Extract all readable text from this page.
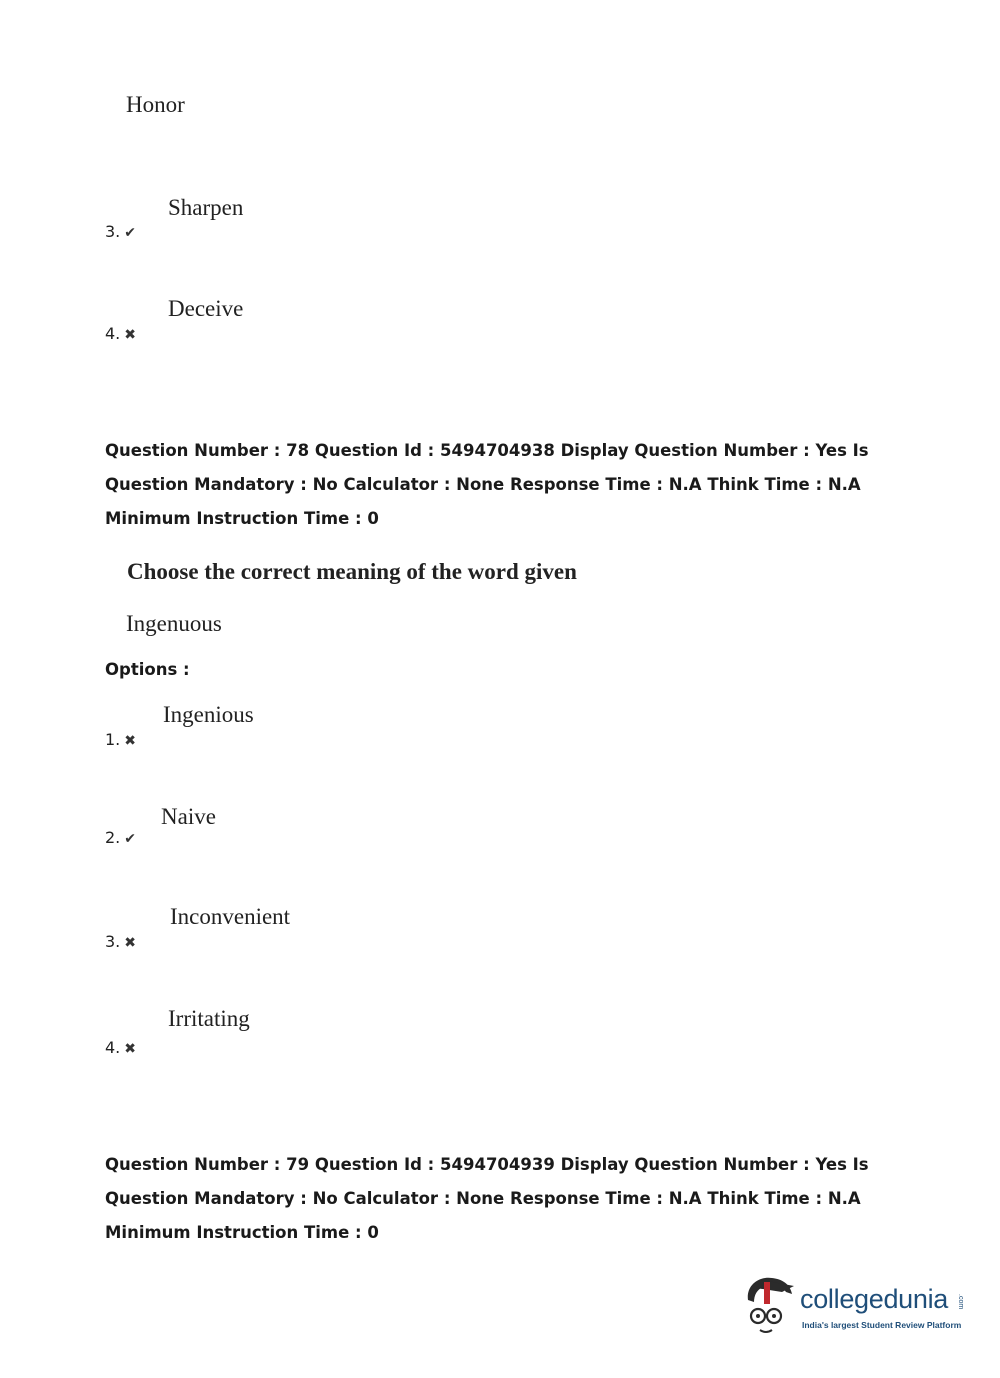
Honor
Sharpen
3. ✔
Deceive
4. ✖
Question Number : 78 Question Id : 5494704938 Display Question Number : Yes Is Question Mandatory : No Calculator : None Response Time : N.A Think Time : N.A Minimum Instruction Time : 0
Choose the correct meaning of the word given
Ingenuous
Options :
Ingenious
1. ✖
Naive
2. ✔
Inconvenient
3. ✖
Irritating
4. ✖
Question Number : 79 Question Id : 5494704939 Display Question Number : Yes Is Question Mandatory : No Calculator : None Response Time : N.A Think Time : N.A Minimum Instruction Time : 0
collegedunia .com
India's largest Student Review Platform
